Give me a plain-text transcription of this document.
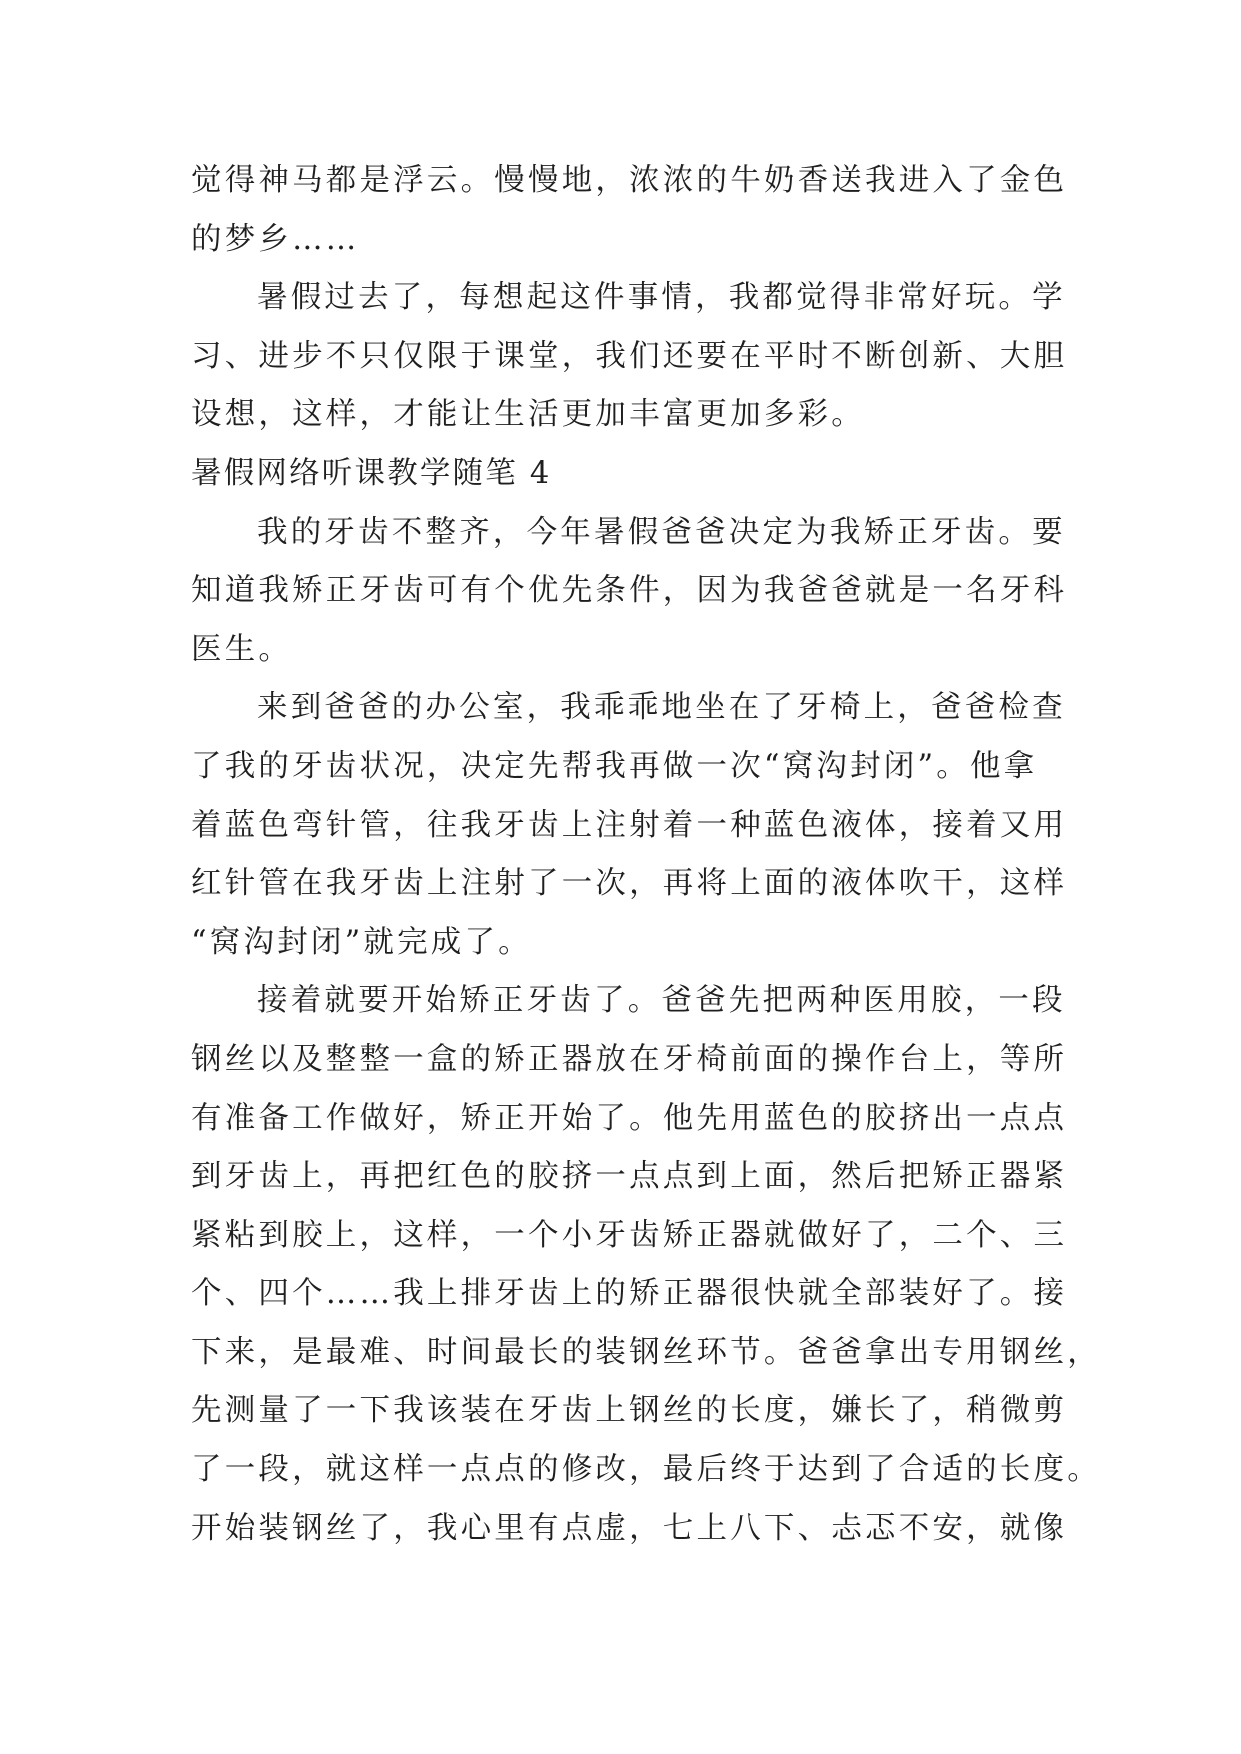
觉得神马都是浮云。慢慢地，浓浓的牛奶香送我进入了金色
的梦乡……
暑假过去了，每想起这件事情，我都觉得非常好玩。学
习、进步不只仅限于课堂，我们还要在平时不断创新、大胆
设想，这样，才能让生活更加丰富更加多彩。
暑假网络听课教学随笔 4
我的牙齿不整齐，今年暑假爸爸决定为我矫正牙齿。要
知道我矫正牙齿可有个优先条件，因为我爸爸就是一名牙科
医生。
来到爸爸的办公室，我乖乖地坐在了牙椅上，爸爸检查
了我的牙齿状况，决定先帮我再做一次“窝沟封闭”。他拿
着蓝色弯针管，往我牙齿上注射着一种蓝色液体，接着又用
红针管在我牙齿上注射了一次，再将上面的液体吹干，这样
“窝沟封闭”就完成了。
接着就要开始矫正牙齿了。爸爸先把两种医用胶，一段
钢丝以及整整一盒的矫正器放在牙椅前面的操作台上，等所
有准备工作做好，矫正开始了。他先用蓝色的胶挤出一点点
到牙齿上，再把红色的胶挤一点点到上面，然后把矫正器紧
紧粘到胶上，这样，一个小牙齿矫正器就做好了，二个、三
个、四个……我上排牙齿上的矫正器很快就全部装好了。接
下来，是最难、时间最长的装钢丝环节。爸爸拿出专用钢丝，
先测量了一下我该装在牙齿上钢丝的长度，嫌长了，稍微剪
了一段，就这样一点点的修改，最后终于达到了合适的长度。
开始装钢丝了，我心里有点虚，七上八下、忐忑不安，就像
